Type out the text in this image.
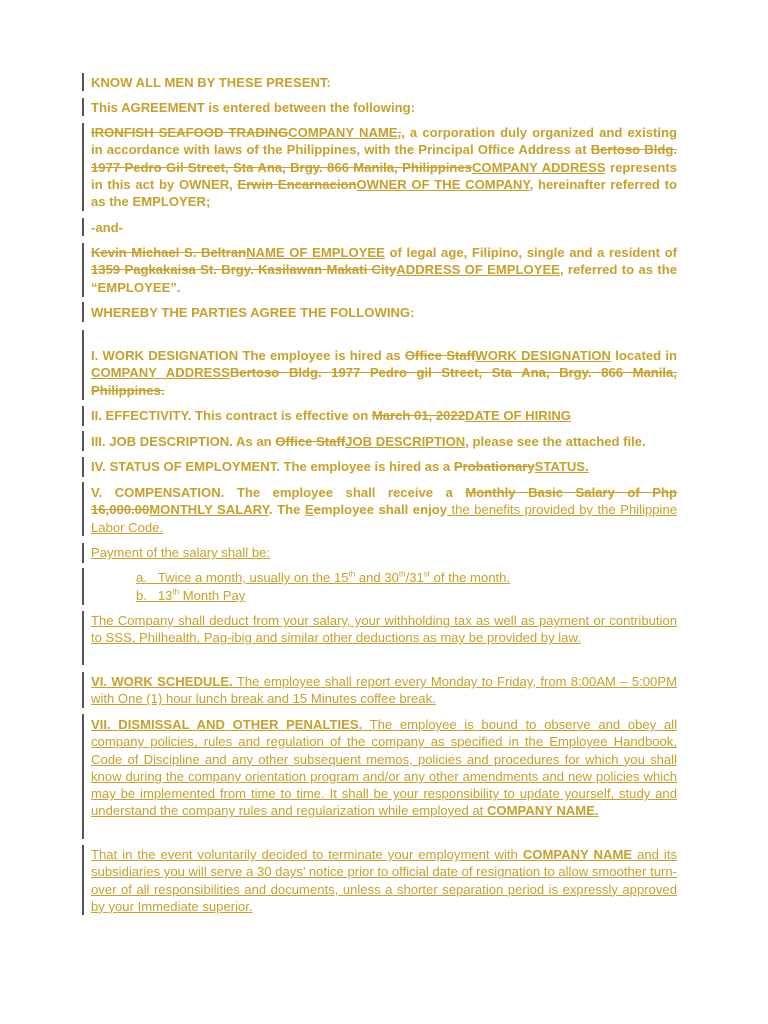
KNOW ALL MEN BY THESE PRESENT:
This AGREEMENT is entered between the following:
IRONFISH SEAFOOD TRADINGCOMPANY NAME,, a corporation duly organized and existing in accordance with laws of the Philippines, with the Principal Office Address at Bertoso Bldg. 1977 Pedro Gil Street, Sta Ana, Brgy. 866 Manila, PhilippinesCOMPANY ADDRESS represents in this act by OWNER, Erwin EncarnacionOWNER OF THE COMPANY, hereinafter referred to as the EMPLOYER;
-and-
Kevin Michael S. BeltranNAME OF EMPLOYEE of legal age, Filipino, single and a resident of 1359 Pagkakaisa St. Brgy. Kasilawan Makati CityADDRESS OF EMPLOYEE, referred to as the “EMPLOYEE”.
WHEREBY THE PARTIES AGREE THE FOLLOWING:
I. WORK DESIGNATION The employee is hired as Office StaffWORK DESIGNATION located in COMPANY ADDRESSBertoso Bldg. 1977 Pedro gil Street, Sta Ana, Brgy. 866 Manila, Philippines.
II. EFFECTIVITY. This contract is effective on March 01, 2022DATE OF HIRING
III. JOB DESCRIPTION. As an Office StaffJOB DESCRIPTION, please see the attached file.
IV. STATUS OF EMPLOYMENT. The employee is hired as a ProbationarySTATUS.
V. COMPENSATION. The employee shall receive a Monthly Basic Salary of Php 16,000.00MONTHLY SALARY. The Eemployee shall enjoy the benefits provided by the Philippine Labor Code.
Payment of the salary shall be:
a. Twice a month, usually on the 15th and 30th/31st of the month.
b. 13th Month Pay
The Company shall deduct from your salary, your withholding tax as well as payment or contribution to SSS, Philhealth, Pag-ibig and similar other deductions as may be provided by law.
VI. WORK SCHEDULE. The employee shall report every Monday to Friday, from 8:00AM – 5:00PM with One (1) hour lunch break and 15 Minutes coffee break.
VII. DISMISSAL AND OTHER PENALTIES. The employee is bound to observe and obey all company policies, rules and regulation of the company as specified in the Employee Handbook, Code of Discipline and any other subsequent memos, policies and procedures for which you shall know during the company orientation program and/or any other amendments and new policies which may be implemented from time to time. It shall be your responsibility to update yourself, study and understand the company rules and regularization while employed at COMPANY NAME.
That in the event voluntarily decided to terminate your employment with COMPANY NAME and its subsidiaries you will serve a 30 days’ notice prior to official date of resignation to allow smoother turn-over of all responsibilities and documents, unless a shorter separation period is expressly approved by your Immediate superior.
